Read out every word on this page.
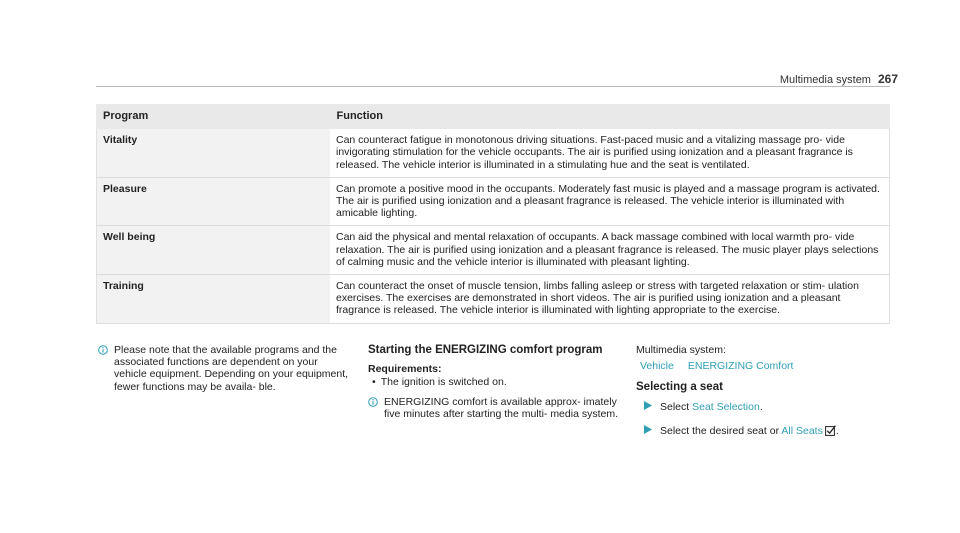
Multimedia system 267
Program	Function
Vitality	Can counteract fatigue in monotonous driving situations. Fast-paced music and a vitalizing massage pro- vide invigorating stimulation for the vehicle occupants. The air is purified using ionization and a pleasant fragrance is released. The vehicle interior is illuminated in a stimulating hue and the seat is ventilated.
Pleasure	Can promote a positive mood in the occupants. Moderately fast music is played and a massage program is activated. The air is purified using ionization and a pleasant fragrance is released. The vehicle interior is illuminated with amicable lighting.
Well being	Can aid the physical and mental relaxation of occupants. A back massage combined with local warmth pro- vide relaxation. The air is purified using ionization and a pleasant fragrance is released. The music player plays selections of calming music and the vehicle interior is illuminated with pleasant lighting.
Training	Can counteract the onset of muscle tension, limbs falling asleep or stress with targeted relaxation or stim- ulation exercises. The exercises are demonstrated in short videos. The air is purified using ionization and a pleasant fragrance is released. The vehicle interior is illuminated with lighting appropriate to the exercise.
Please note that the available programs and the associated functions are dependent on your vehicle equipment. Depending on your equipment, fewer functions may be availa- ble.
Starting the ENERGIZING comfort program
Requirements:
• The ignition is switched on.
ENERGIZING comfort is available approx- imately five minutes after starting the multi- media system.
Multimedia system:
Vehicle ENERGIZING Comfort
Selecting a seat
Select Seat Selection.
Select the desired seat or All Seats .
